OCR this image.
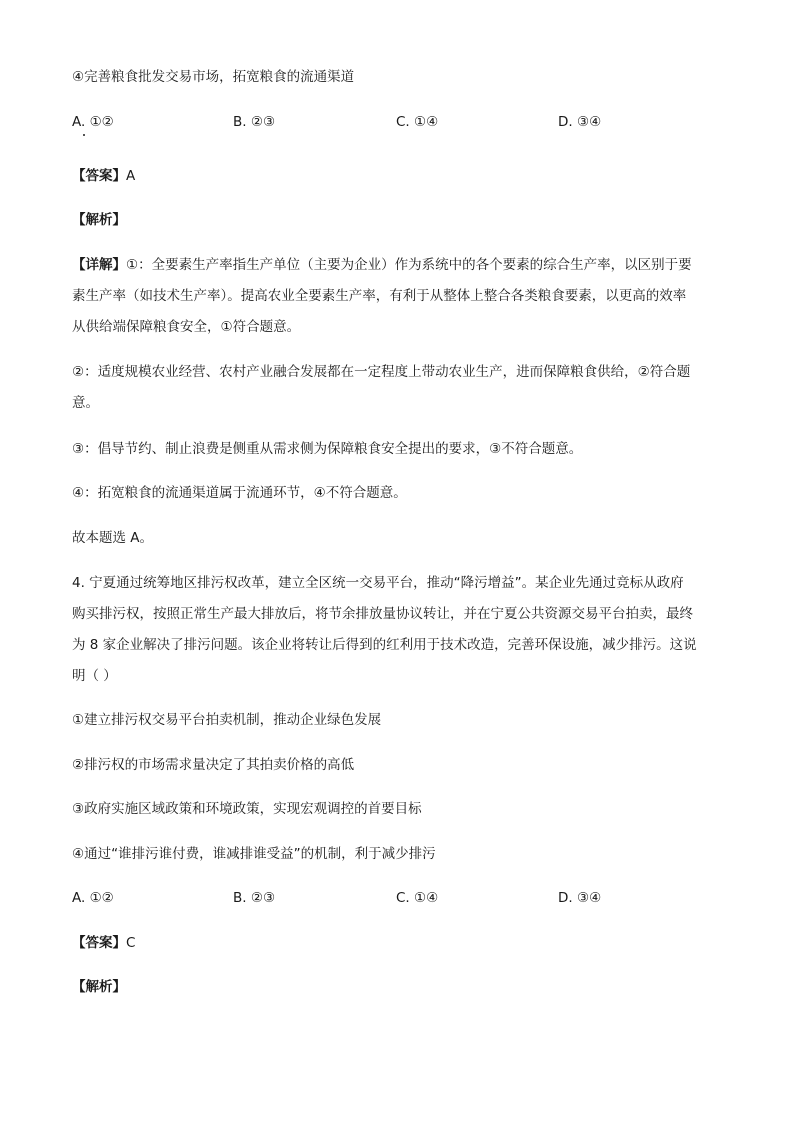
④完善粮食批发交易市场，拓宽粮食的流通渠道
A. ①②	B. ②③	C. ①④	D. ③④
【答案】A
【解析】
【详解】①：全要素生产率指生产单位（主要为企业）作为系统中的各个要素的综合生产率，以区别于要
素生产率（如技术生产率）。提高农业全要素生产率，有利于从整体上整合各类粮食要素，以更高的效率
从供给端保障粮食安全，①符合题意。
②：适度规模农业经营、农村产业融合发展都在一定程度上带动农业生产，进而保障粮食供给，②符合题
意。
③：倡导节约、制止浪费是侧重从需求侧为保障粮食安全提出的要求，③不符合题意。
④：拓宽粮食的流通渠道属于流通环节，④不符合题意。
故本题选 A。
4. 宁夏通过统筹地区排污权改革，建立全区统一交易平台，推动“降污增益”。某企业先通过竞标从政府
购买排污权，按照正常生产最大排放后，将节余排放量协议转让，并在宁夏公共资源交易平台拍卖，最终
为 8 家企业解决了排污问题。该企业将转让后得到的红利用于技术改造，完善环保设施，减少排污。这说
明（ ）
①建立排污权交易平台拍卖机制，推动企业绿色发展
②排污权的市场需求量决定了其拍卖价格的高低
③政府实施区域政策和环境政策，实现宏观调控的首要目标
④通过“谁排污谁付费，谁减排谁受益”的机制，利于减少排污
A. ①②	B. ②③	C. ①④	D. ③④
【答案】C
【解析】
